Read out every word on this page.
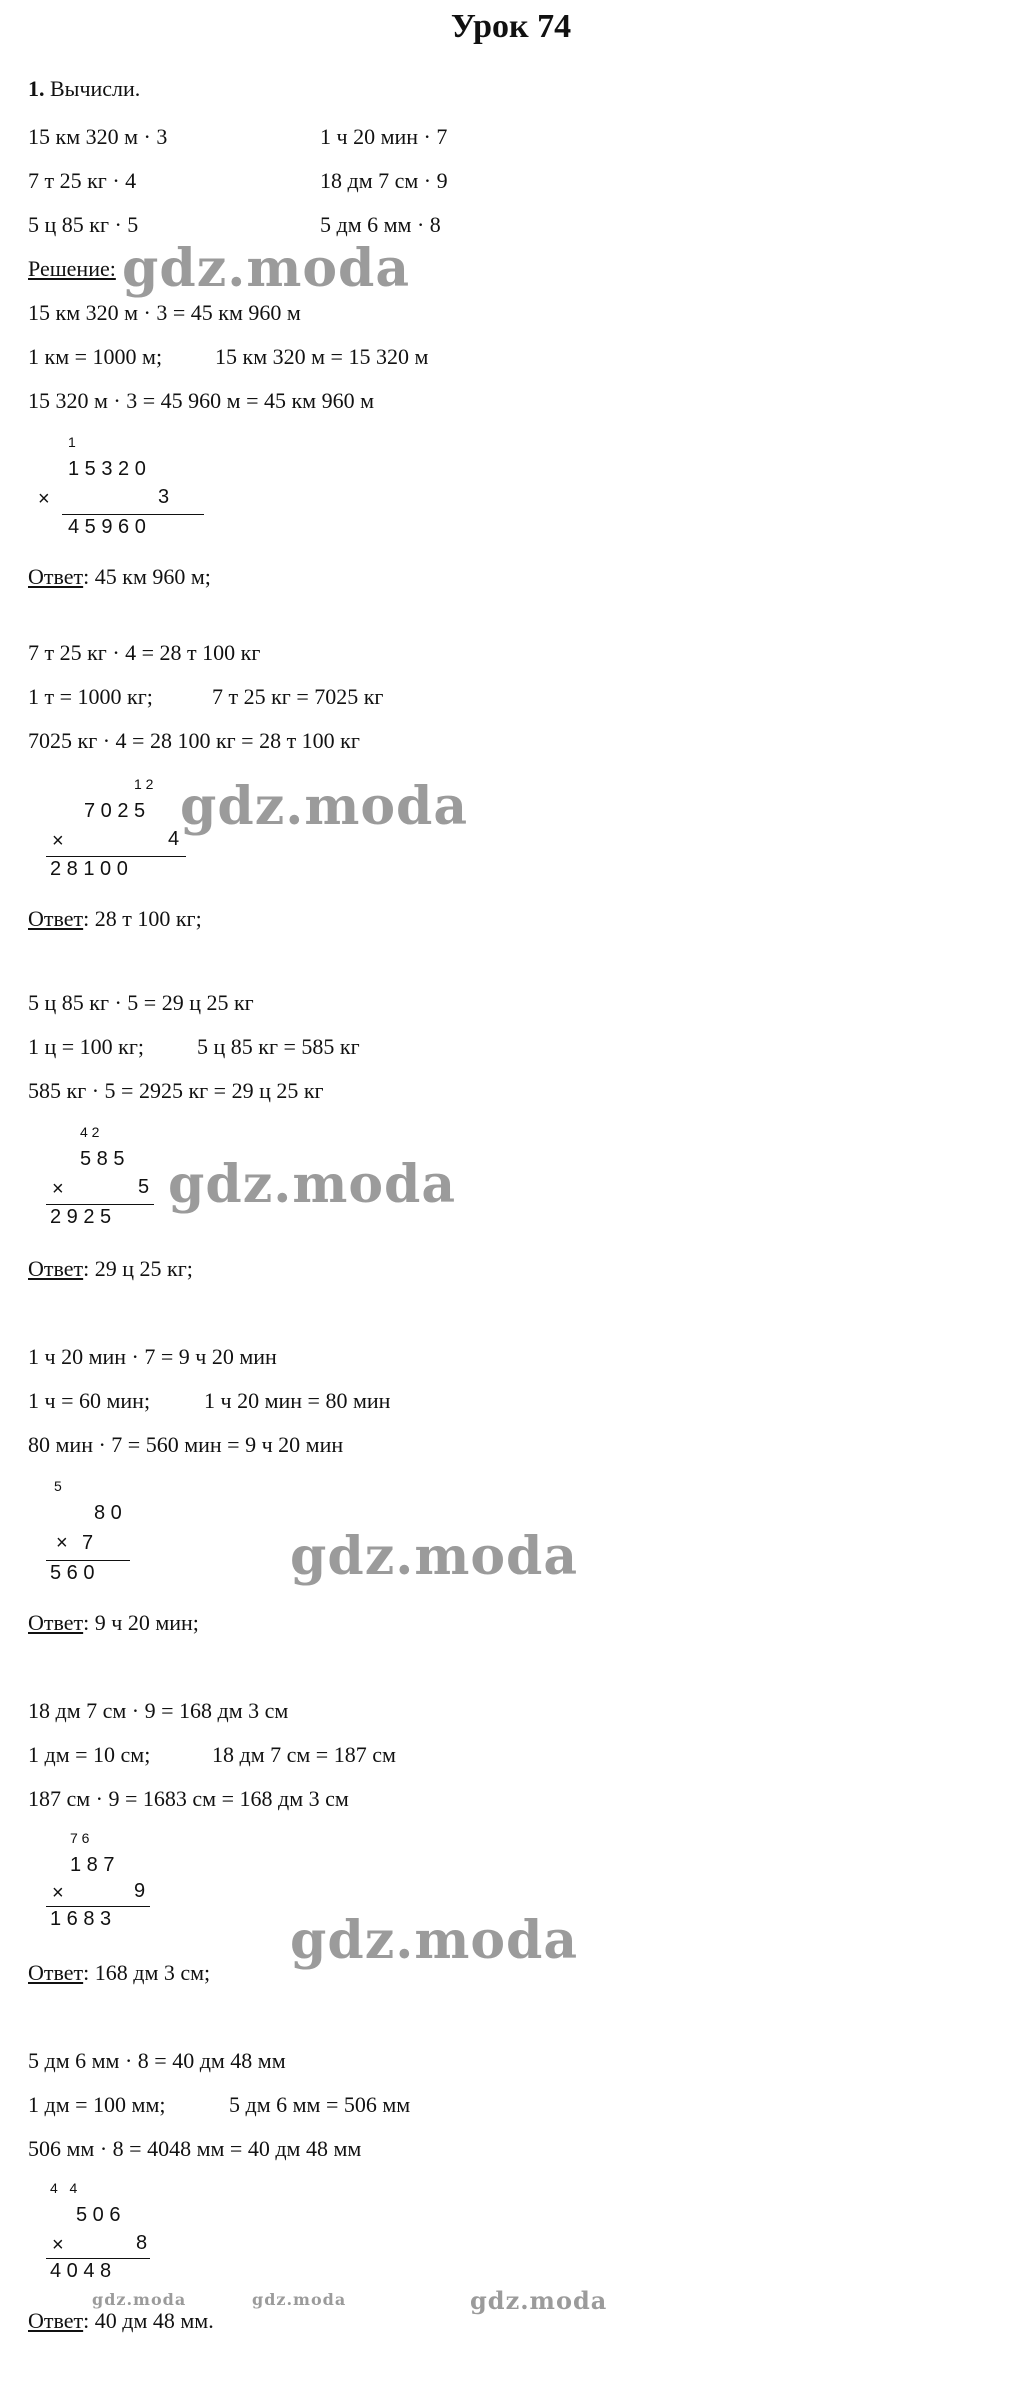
Урок 74
1. Вычисли.
15 км 320 м · 3	1 ч 20 мин · 7
7 т 25 кг · 4	18 дм 7 см · 9
5 ц 85 кг · 5	5 дм 6 мм · 8
Решение:
15 км 320 м · 3 = 45 км 960 м
1 км = 1000 м; 15 км 320 м = 15 320 м
15 320 м · 3 = 45 960 м = 45 км 960 м
1
1 5 3 2 0
×	3
4 5 9 6 0
Ответ: 45 км 960 м;
7 т 25 кг · 4 = 28 т 100 кг
1 т = 1000 кг;	7 т 25 кг = 7025 кг
7025 кг · 4 = 28 100 кг = 28 т 100 кг
1 2
7 0 2 5
×	4
2 8 1 0 0
Ответ: 28 т 100 кг;
5 ц 85 кг · 5 = 29 ц 25 кг
1 ц = 100 кг; 5 ц 85 кг = 585 кг
585 кг · 5 = 2925 кг = 29 ц 25 кг
4 2
5 8 5
×	5
2 9 2 5
Ответ: 29 ц 25 кг;
1 ч 20 мин · 7 = 9 ч 20 мин
1 ч = 60 мин; 1 ч 20 мин = 80 мин
80 мин · 7 = 560 мин = 9 ч 20 мин
5
8 0
× 7
5 6 0
Ответ: 9 ч 20 мин;
18 дм 7 см · 9 = 168 дм 3 см
1 дм = 10 см;	18 дм 7 см = 187 см
187 см · 9 = 1683 см = 168 дм 3 см
7 6
1 8 7
×	9
1 6 8 3
Ответ: 168 дм 3 см;
5 дм 6 мм · 8 = 40 дм 48 мм
1 дм = 100 мм;	5 дм 6 мм = 506 мм
506 мм · 8 = 4048 мм = 40 дм 48 мм
4   4
5 0 6
×	8
4 0 4 8
Ответ: 40 дм 48 мм.
gdz.moda
gdz.moda
gdz.moda
gdz.moda
gdz.moda
gdz.moda	gdz.moda	gdz.moda
